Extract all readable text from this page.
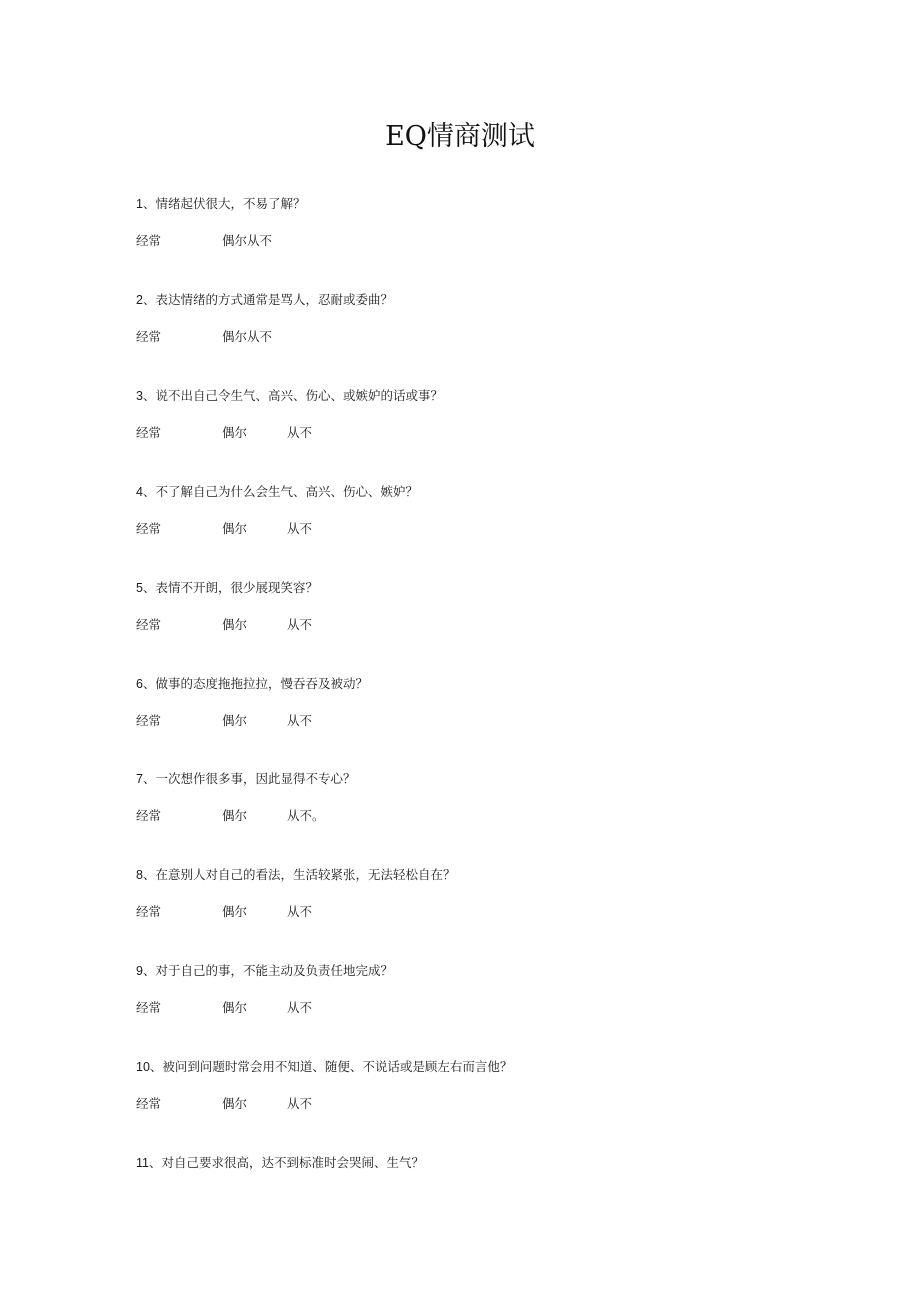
EQ情商测试
1、情绪起伏很大，不易了解？
经常	偶尔从不
2、表达情绪的方式通常是骂人，忍耐或委曲？
经常	偶尔从不
3、说不出自己令生气、高兴、伤心、或嫉妒的话或事？
经常	偶尔	从不
4、不了解自己为什么会生气、高兴、伤心、嫉妒？
经常	偶尔	从不
5、表情不开朗，很少展现笑容？
经常	偶尔	从不
6、做事的态度拖拖拉拉，慢吞吞及被动？
经常	偶尔	从不
7、一次想作很多事，因此显得不专心？
经常	偶尔	从不。
8、在意别人对自己的看法，生活较紧张，无法轻松自在？
经常	偶尔	从不
9、对于自己的事，不能主动及负责任地完成？
经常	偶尔	从不
10、被问到问题时常会用不知道、随便、不说话或是顾左右而言他？
经常	偶尔	从不
11、对自己要求很高，达不到标准时会哭闹、生气？
